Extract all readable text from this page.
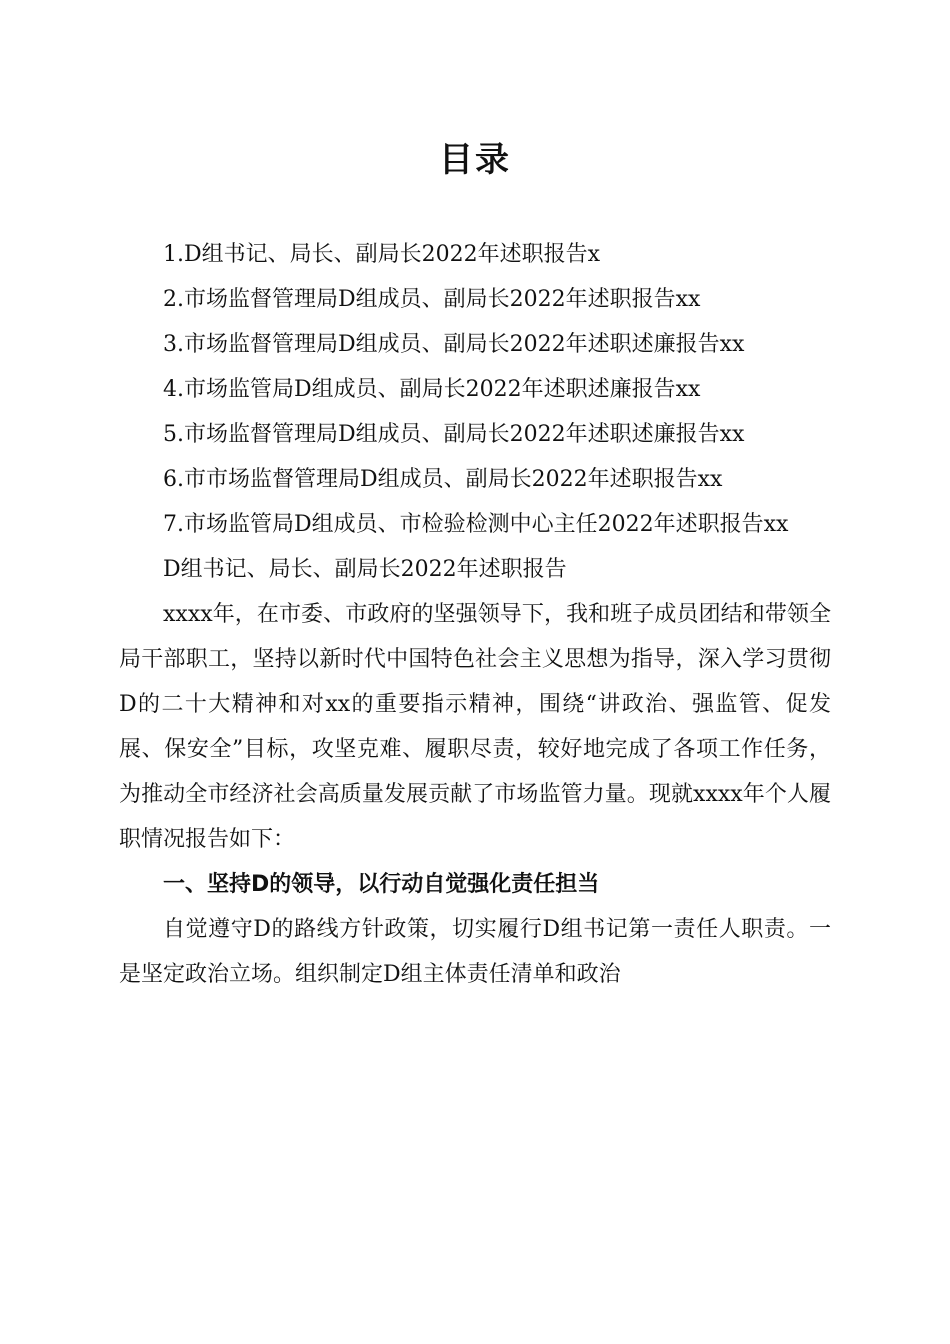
目录

1.D组书记、局长、副局长2022年述职报告x

2.市场监督管理局D组成员、副局长2022年述职报告xx

3.市场监督管理局D组成员、副局长2022年述职述廉报告xx

4.市场监管局D组成员、副局长2022年述职述廉报告xx

5.市场监督管理局D组成员、副局长2022年述职述廉报告xx

6.市市场监督管理局D组成员、副局长2022年述职报告xx

7.市场监管局D组成员、市检验检测中心主任2022年述职报告xx

D组书记、局长、副局长2022年述职报告

xxxx年，在市委、市政府的坚强领导下，我和班子成员团结和带领全局干部职工，坚持以新时代中国特色社会主义思想为指导，深入学习贯彻D的二十大精神和对xx的重要指示精神，围绕“讲政治、强监管、促发展、保安全”目标，攻坚克难、履职尽责，较好地完成了各项工作任务，为推动全市经济社会高质量发展贡献了市场监管力量。现就xxxx年个人履职情况报告如下：

一、坚持D的领导，以行动自觉强化责任担当

自觉遵守D的路线方针政策，切实履行D组书记第一责任人职责。一是坚定政治立场。组织制定D组主体责任清单和政治
